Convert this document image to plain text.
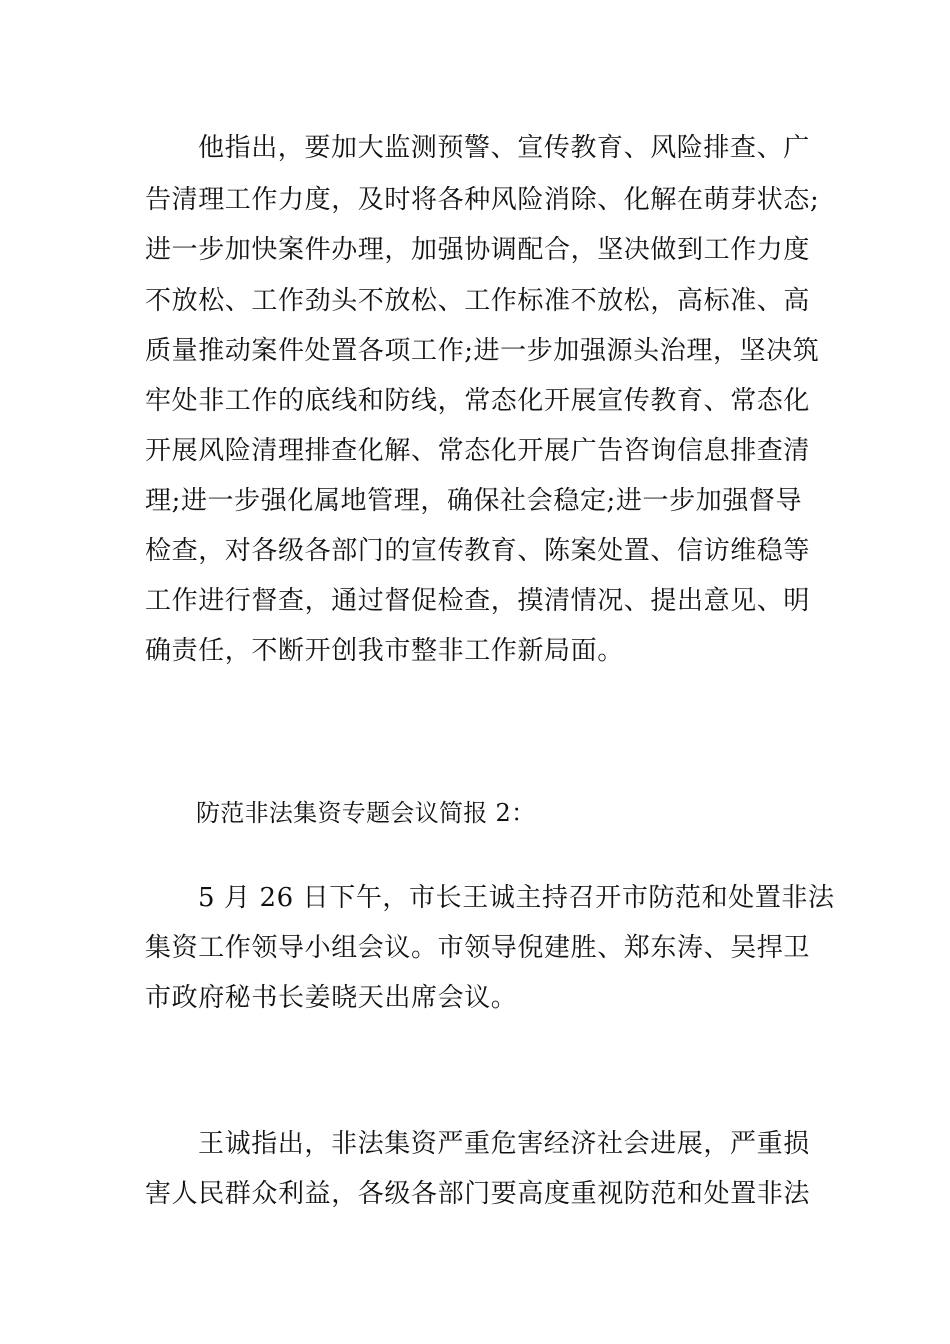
他指出，要加大监测预警、宣传教育、风险排查、广
告清理工作力度，及时将各种风险消除、化解在萌芽状态;
进一步加快案件办理，加强协调配合，坚决做到工作力度
不放松、工作劲头不放松、工作标准不放松，高标准、高
质量推动案件处置各项工作;进一步加强源头治理，坚决筑
牢处非工作的底线和防线，常态化开展宣传教育、常态化
开展风险清理排查化解、常态化开展广告咨询信息排查清
理;进一步强化属地管理，确保社会稳定;进一步加强督导
检查，对各级各部门的宣传教育、陈案处置、信访维稳等
工作进行督查，通过督促检查，摸清情况、提出意见、明
确责任，不断开创我市整非工作新局面。
防范非法集资专题会议简报 2：
5 月 26 日下午，市长王诚主持召开市防范和处置非法
集资工作领导小组会议。市领导倪建胜、郑东涛、吴捍卫
市政府秘书长姜晓天出席会议。
王诚指出，非法集资严重危害经济社会进展，严重损
害人民群众利益，各级各部门要高度重视防范和处置非法
